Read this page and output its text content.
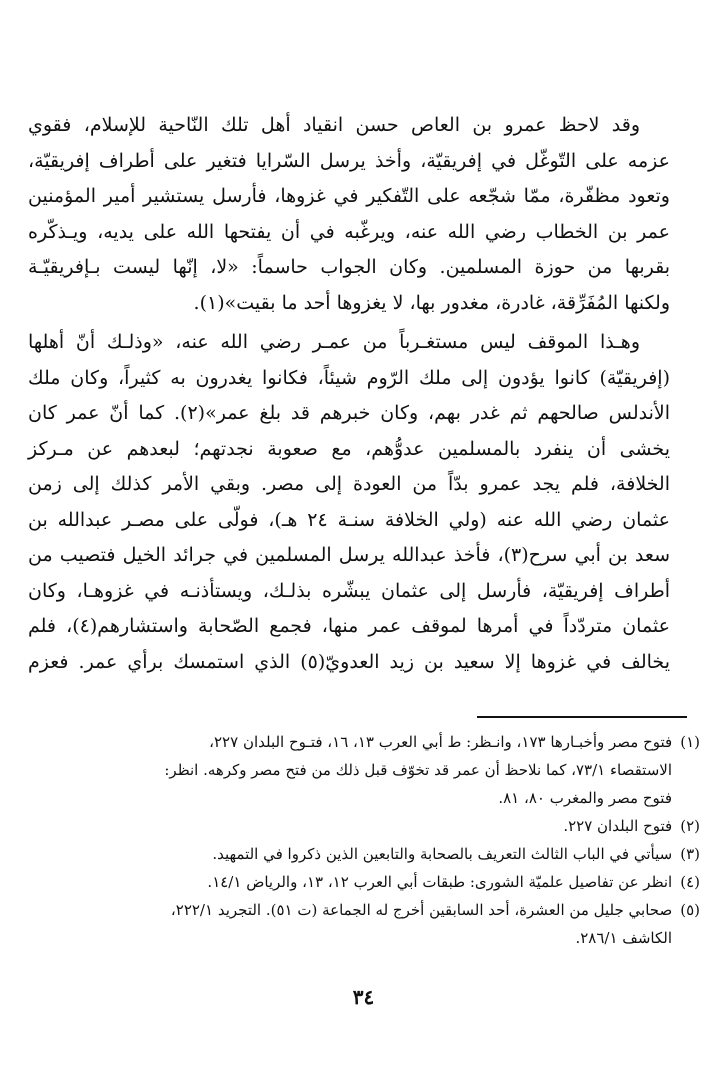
وقد لاحظ عمرو بن العاص حسن انقياد أهل تلك النّاحية للإسلام، فقوي
عزمه على التّوغّل في إفريقيّة، وأخذ يرسل السّرايا فتغير على أطراف إفريقيّة،
وتعود مظفّرة، ممّا شجّعه على التّفكير في غزوها، فأرسل يستشير أمير المؤمنين
عمر بن الخطاب رضي الله عنه، ويرغّبه في أن يفتحها الله على يديه، ويـذكّره
بقربها من حوزة المسلمين. وكان الجواب حاسماً: «لا، إنّها ليست بـإفريقيّـة
ولكنها المُفَرِّقة، غادرة، مغدور بها، لا يغزوها أحد ما بقيت»(١).
وهـذا الموقف ليس مستغـرباً من عمـر رضي الله عنه، «وذلـك أنّ أهلها
(إفريقيّة) كانوا يؤدون إلى ملك الرّوم شيئاً، فكانوا يغدرون به كثيراً، وكان ملك
الأندلس صالحهم ثم غدر بهم، وكان خبرهم قد بلغ عمر»(٢). كما أنّ عمر كان
يخشى أن ينفرد بالمسلمين عدوُّهم، مع صعوبة نجدتهم؛ لبعدهم عن مـركز
الخلافة، فلم يجد عمرو بدّاً من العودة إلى مصر. وبقي الأمر كذلك إلى زمن
عثمان رضي الله عنه (ولي الخلافة سنـة ٢٤ هـ)، فولّى على مصـر عبدالله بن
سعد بن أبي سرح(٣)، فأخذ عبدالله يرسل المسلمين في جرائد الخيل فتصيب من
أطراف إفريقيّة، فأرسل إلى عثمان يبشّره بذلـك، ويستأذنـه في غزوهـا، وكان
عثمان متردّداً في أمرها لموقف عمر منها، فجمع الصّحابة واستشارهم(٤)، فلم
يخالف في غزوها إلا سعيد بن زيد العدويّ(٥) الذي استمسك برأي عمر. فعزم
(١)فتوح مصر وأخبـارها ١٧٣، وانـظر: ط أبي العرب ١٣، ١٦، فتـوح البلدان ٢٢٧،
الاستقصاء ٧٣/١، كما نلاحظ أن عمر قد تخوّف قبل ذلك من فتح مصر وكرهه. انظر:
فتوح مصر والمغرب ٨٠، ٨١.
(٢)فتوح البلدان ٢٢٧.
(٣)سيأتي في الباب الثالث التعريف بالصحابة والتابعين الذين ذكروا في التمهيد.
(٤)انظر عن تفاصيل علميّة الشورى: طبقات أبي العرب ١٢، ١٣، والرياض ١٤/١.
(٥)صحابي جليل من العشرة، أحد السابقين أخرج له الجماعة (ت ٥١). التجريد ٢٢٢/١،
الكاشف ٢٨٦/١.
٣٤
